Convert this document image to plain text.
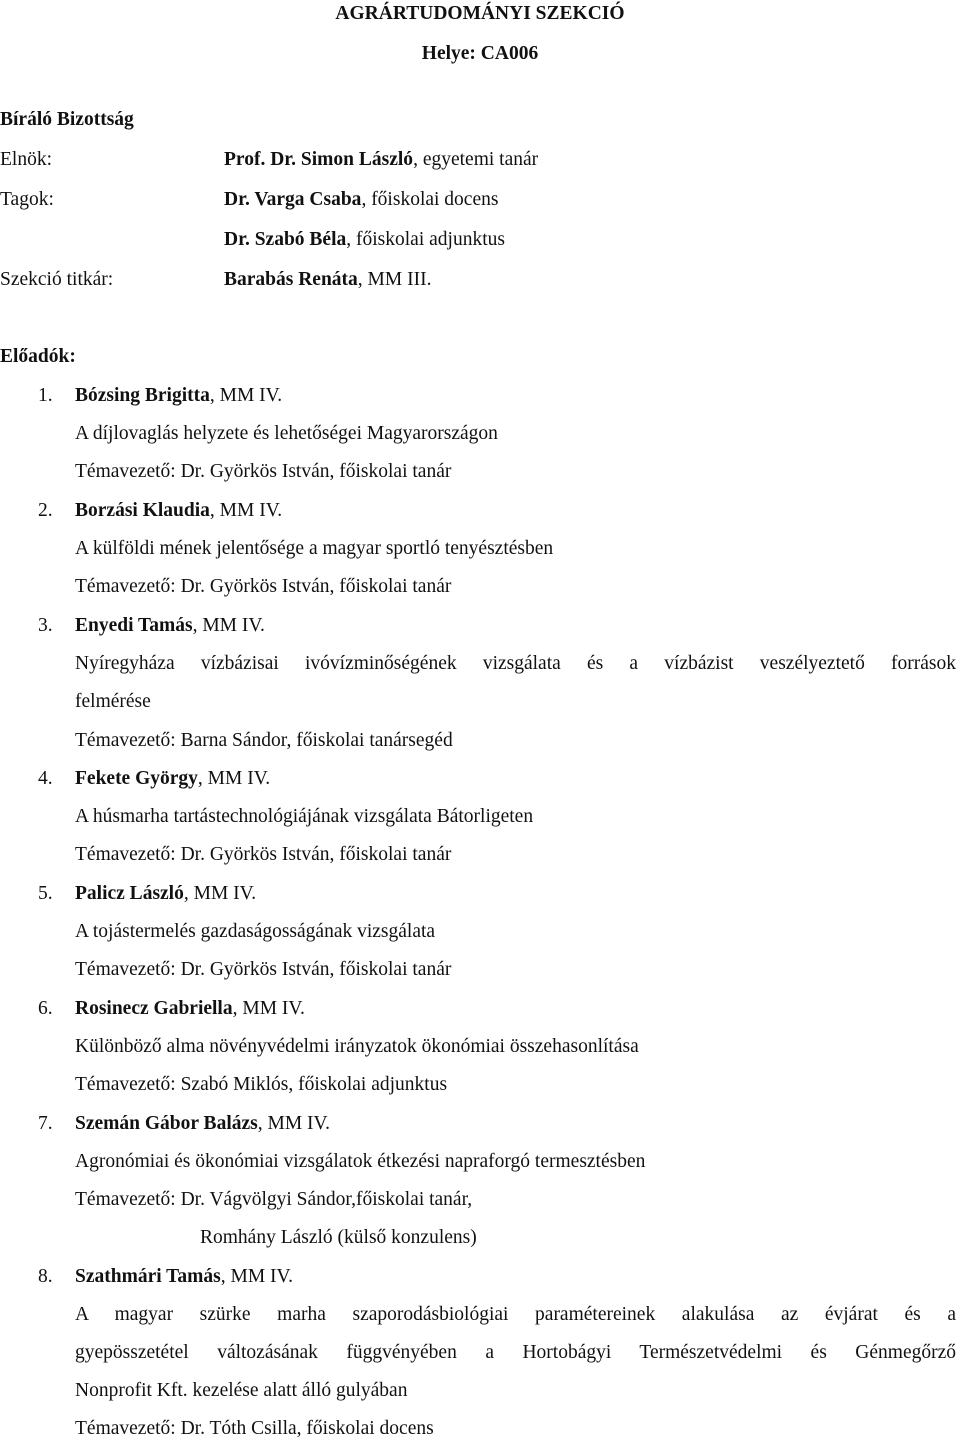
AGRÁRTUDOMÁNYI SZEKCIÓ
Helye: CA006
Bíráló Bizottság
Elnök:	Prof. Dr. Simon László, egyetemi tanár
Tagok:	Dr. Varga Csaba, főiskolai docens
Dr. Szabó Béla, főiskolai adjunktus
Szekció titkár:	Barabás Renáta, MM III.
Előadók:
1. Bózsing Brigitta, MM IV.
A díjlovaglás helyzete és lehetőségei Magyarországon
Témavezető: Dr. Györkös István, főiskolai tanár
2. Borzási Klaudia, MM IV.
A külföldi mének jelentősége a magyar sportló tenyésztésben
Témavezető: Dr. Györkös István, főiskolai tanár
3. Enyedi Tamás, MM IV.
Nyíregyháza vízbázisai ivóvízminőségének vizsgálata és a vízbázist veszélyeztető források
felmérése
Témavezető: Barna Sándor, főiskolai tanársegéd
4. Fekete György, MM IV.
A húsmarha tartástechnológiájának vizsgálata Bátorligeten
Témavezető: Dr. Györkös István, főiskolai tanár
5. Palicz László, MM IV.
A tojástermelés gazdaságosságának vizsgálata
Témavezető: Dr. Györkös István, főiskolai tanár
6. Rosinecz Gabriella, MM IV.
Különböző alma növényvédelmi irányzatok ökonómiai összehasonlítása
Témavezető: Szabó Miklós, főiskolai adjunktus
7. Szemán Gábor Balázs, MM IV.
Agronómiai és ökonómiai vizsgálatok étkezési napraforgó termesztésben
Témavezető: Dr. Vágvölgyi Sándor,főiskolai tanár,
Romhány László (külső konzulens)
8. Szathmári Tamás, MM IV.
A magyar szürke marha szaporodásbiológiai paramétereinek alakulása az évjárat és a
gyepösszetétel változásának függvényében a Hortobágyi Természetvédelmi és Génmegőrző
Nonprofit Kft. kezelése alatt álló gulyában
Témavezető: Dr. Tóth Csilla, főiskolai docens
